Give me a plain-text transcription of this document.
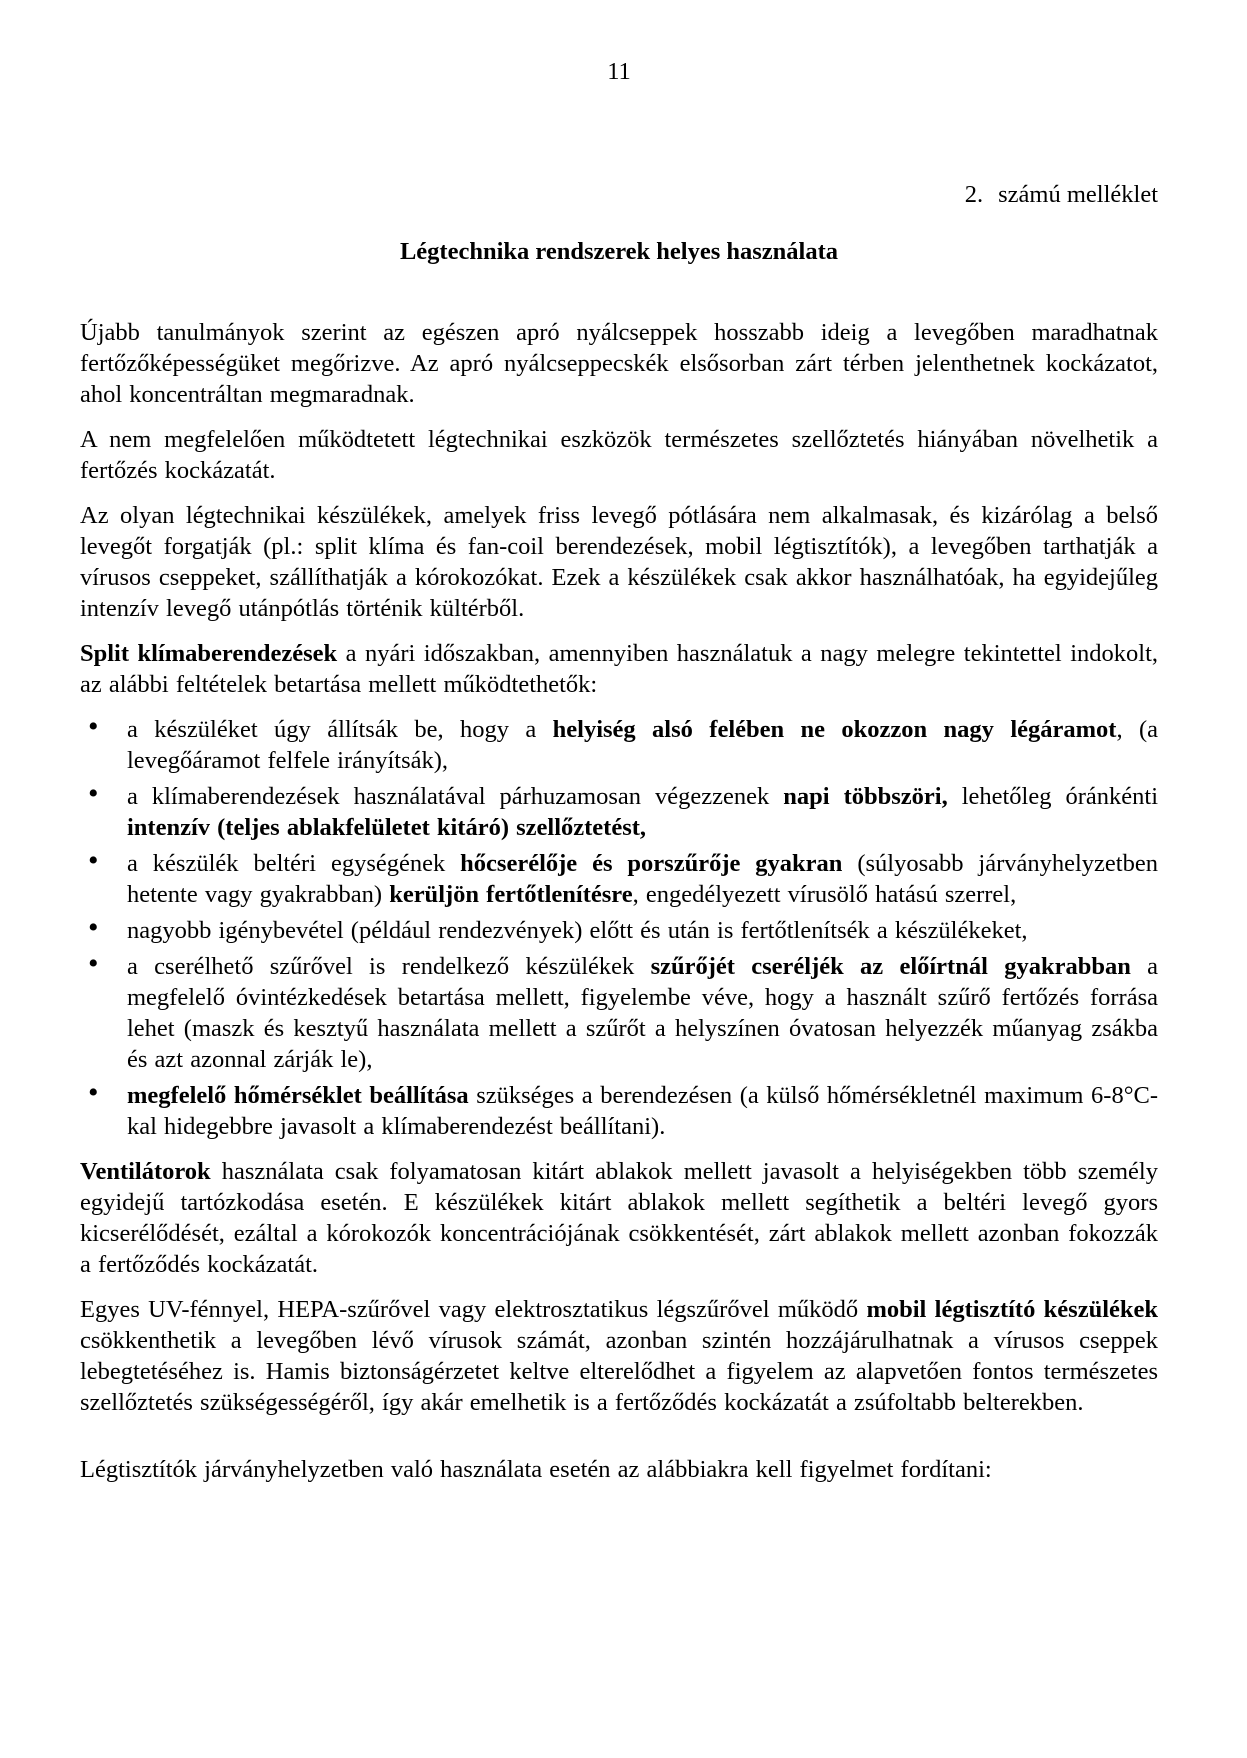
11
2. számú melléklet
Légtechnika rendszerek helyes használata

Újabb tanulmányok szerint az egészen apró nyálcseppek hosszabb ideig a levegőben maradhatnak fertőzőképességüket megőrizve. Az apró nyálcseppecskék elsősorban zárt térben jelenthetnek kockázatot, ahol koncentráltan megmaradnak.

A nem megfelelően működtetett légtechnikai eszközök természetes szellőztetés hiányában növelhetik a fertőzés kockázatát.

Az olyan légtechnikai készülékek, amelyek friss levegő pótlására nem alkalmasak, és kizárólag a belső levegőt forgatják (pl.: split klíma és fan-coil berendezések, mobil légtisztítók), a levegőben tarthatják a vírusos cseppeket, szállíthatják a kórokozókat. Ezek a készülékek csak akkor használhatóak, ha egyidejűleg intenzív levegő utánpótlás történik kültérből.

Split klímaberendezések a nyári időszakban, amennyiben használatuk a nagy melegre tekintettel indokolt, az alábbi feltételek betartása mellett működtethetők:

• a készüléket úgy állítsák be, hogy a helyiség alsó felében ne okozzon nagy légáramot, (a levegőáramot felfele irányítsák),
• a klímaberendezések használatával párhuzamosan végezzenek napi többszöri, lehetőleg óránkénti intenzív (teljes ablakfelületet kitáró) szellőztetést,
• a készülék beltéri egységének hőcserélője és porszűrője gyakran (súlyosabb járványhelyzetben hetente vagy gyakrabban) kerüljön fertőtlenítésre, engedélyezett vírusölő hatású szerrel,
• nagyobb igénybevétel (például rendezvények) előtt és után is fertőtlenítsék a készülékeket,
• a cserélhető szűrővel is rendelkező készülékek szűrőjét cseréljék az előírtnál gyakrabban a megfelelő óvintézkedések betartása mellett, figyelembe véve, hogy a használt szűrő fertőzés forrása lehet (maszk és kesztyű használata mellett a szűrőt a helyszínen óvatosan helyezzék műanyag zsákba és azt azonnal zárják le),
• megfelelő hőmérséklet beállítása szükséges a berendezésen (a külső hőmérsékletnél maximum 6-8°C-kal hidegebbre javasolt a klímaberendezést beállítani).

Ventilátorok használata csak folyamatosan kitárt ablakok mellett javasolt a helyiségekben több személy egyidejű tartózkodása esetén. E készülékek kitárt ablakok mellett segíthetik a beltéri levegő gyors kicserélődését, ezáltal a kórokozók koncentrációjának csökkentését, zárt ablakok mellett azonban fokozzák a fertőződés kockázatát.

Egyes UV-fénnyel, HEPA-szűrővel vagy elektrosztatikus légszűrővel működő mobil légtisztító készülékek csökkenthetik a levegőben lévő vírusok számát, azonban szintén hozzájárulhatnak a vírusos cseppek lebegtetéséhez is. Hamis biztonságérzetet keltve elterelődhet a figyelem az alapvetően fontos természetes szellőztetés szükségességéről, így akár emelhetik is a fertőződés kockázatát a zsúfoltabb belterekben.

Légtisztítók járványhelyzetben való használata esetén az alábbiakra kell figyelmet fordítani:
